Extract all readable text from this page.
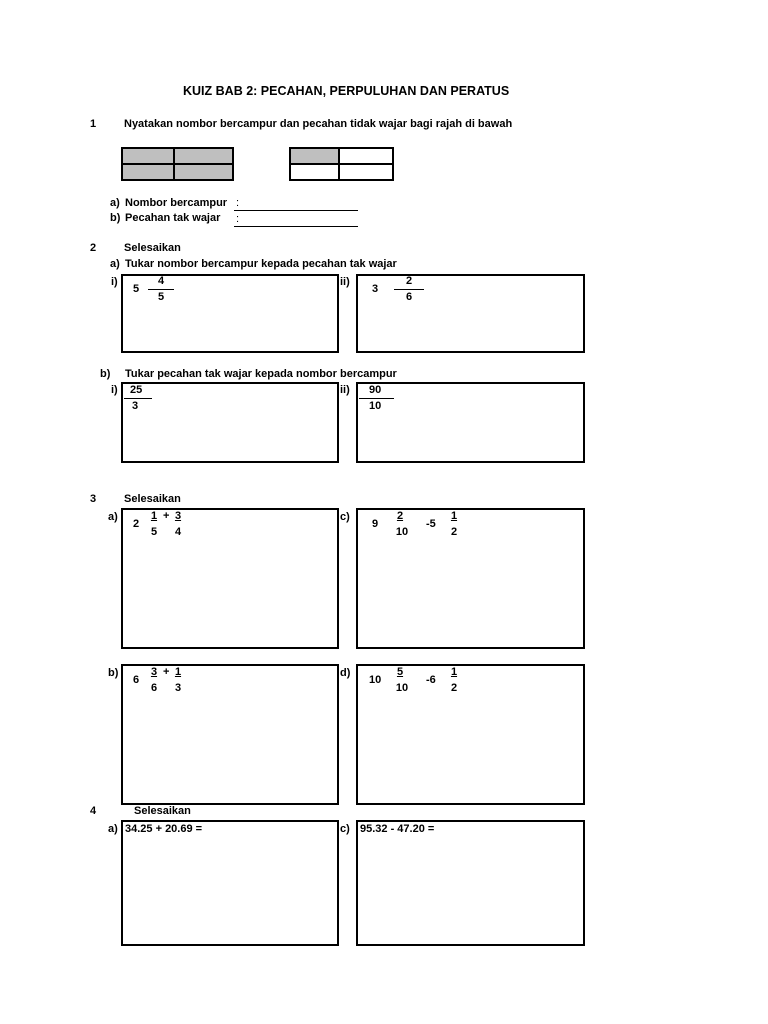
KUIZ BAB 2: PECAHAN, PERPULUHAN DAN PERATUS
1	Nyatakan nombor bercampur dan pecahan tidak wajar bagi rajah di bawah
a) Nombor bercampur :
b) Pecahan tak wajar :
2	Selesaikan
a) Tukar nombor bercampur kepada pecahan tak wajar
i)
5
4
5
ii)
3
2
6
b) Tukar pecahan tak wajar kepada nombor bercampur
i) 25
3
ii) 90
10
3	Selesaikan
a)
2
1
5
+ 3
4
c)
9
2
10
-5
1
2
b)
6
3
6
+ 1
3
d)
10
5
10
-6
1
2
4	Selesaikan
a) 34.25 + 20.69 =	c) 95.32 - 47.20 =
